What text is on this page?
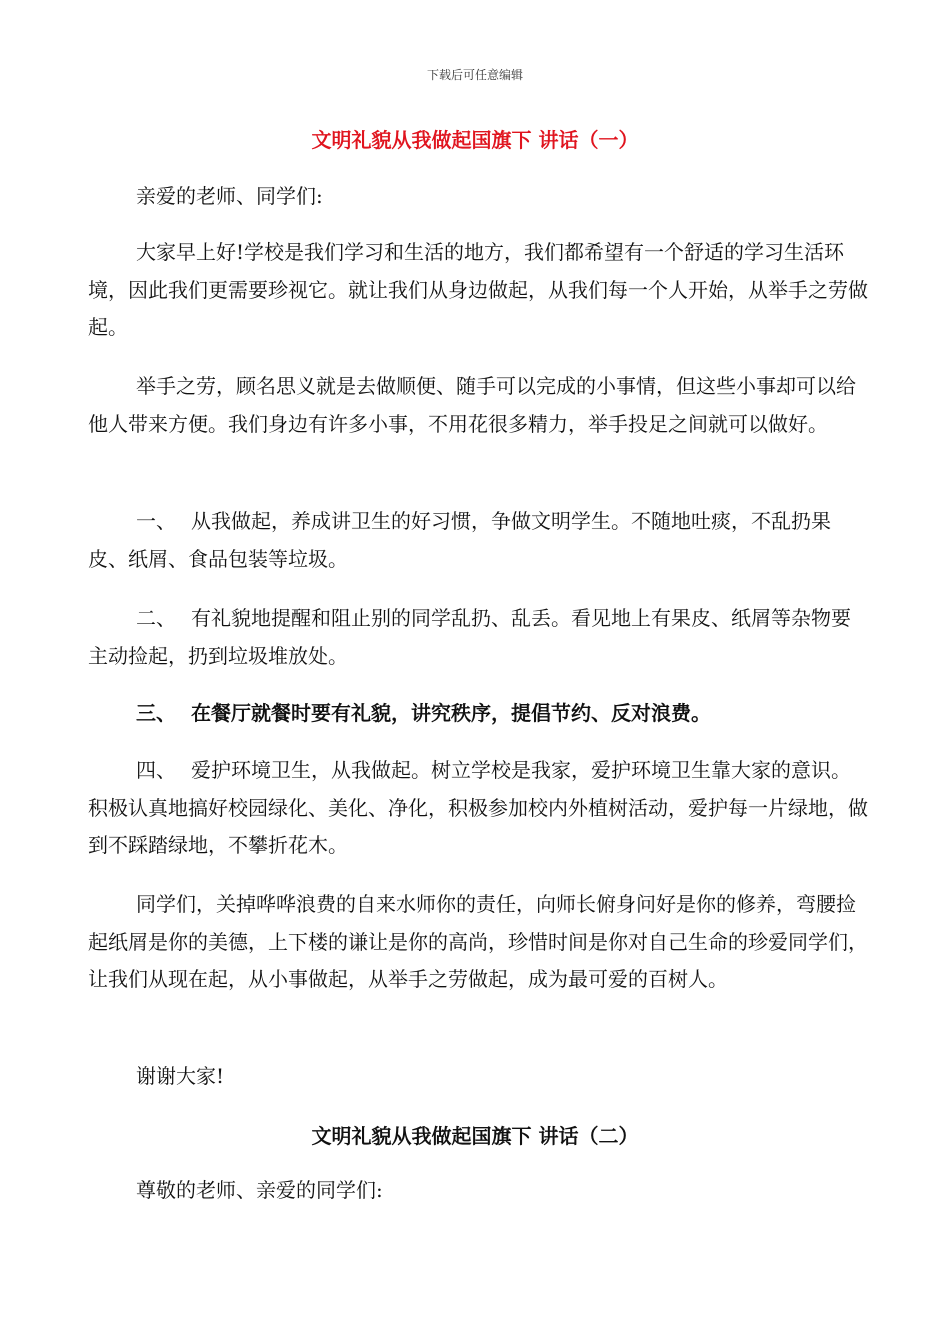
下载后可任意编辑
文明礼貌从我做起国旗下 讲话（一）
亲爱的老师、同学们:
大家早上好!学校是我们学习和生活的地方，我们都希望有一个舒适的学习生活环境，因此我们更需要珍视它。就让我们从身边做起，从我们每一个人开始，从举手之劳做起。
举手之劳，顾名思义就是去做顺便、随手可以完成的小事情，但这些小事却可以给他人带来方便。我们身边有许多小事，不用花很多精力，举手投足之间就可以做好。
一、 从我做起，养成讲卫生的好习惯，争做文明学生。不随地吐痰，不乱扔果皮、纸屑、食品包装等垃圾。
二、 有礼貌地提醒和阻止别的同学乱扔、乱丢。看见地上有果皮、纸屑等杂物要主动捡起，扔到垃圾堆放处。
三、 在餐厅就餐时要有礼貌，讲究秩序，提倡节约、反对浪费。
四、 爱护环境卫生，从我做起。树立学校是我家，爱护环境卫生靠大家的意识。积极认真地搞好校园绿化、美化、净化，积极参加校内外植树活动，爱护每一片绿地，做到不踩踏绿地，不攀折花木。
同学们，关掉哗哗浪费的自来水师你的责任，向师长俯身问好是你的修养，弯腰捡起纸屑是你的美德，上下楼的谦让是你的高尚，珍惜时间是你对自己生命的珍爱同学们，让我们从现在起，从小事做起，从举手之劳做起，成为最可爱的百树人。
谢谢大家!
文明礼貌从我做起国旗下 讲话（二）
尊敬的老师、亲爱的同学们:
